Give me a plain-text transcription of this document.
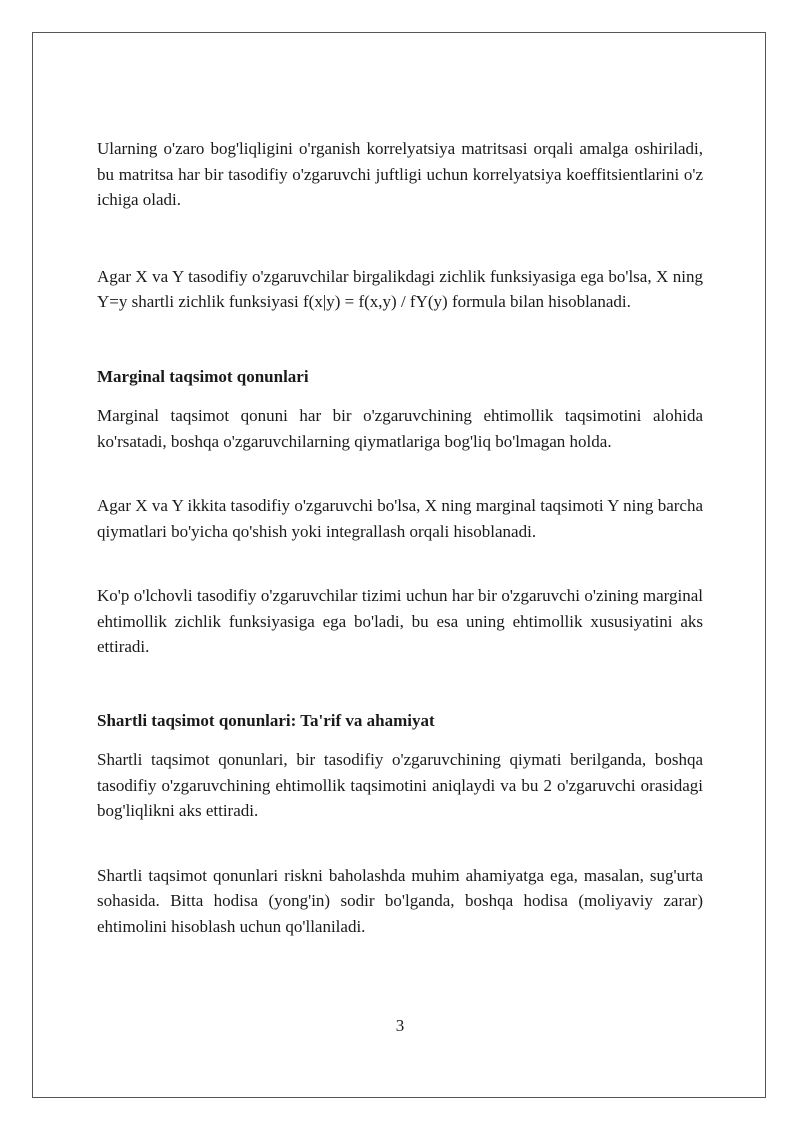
Ularning o'zaro bog'liqligini o'rganish korrelyatsiya matritsasi orqali amalga oshiriladi, bu matritsa har bir tasodifiy o'zgaruvchi juftligi uchun korrelyatsiya koeffitsientlarini o'z ichiga oladi.

Agar X va Y tasodifiy o'zgaruvchilar birgalikdagi zichlik funksiyasiga ega bo'lsa, X ning Y=y shartli zichlik funksiyasi f(x|y) = f(x,y) / fY(y) formula bilan hisoblanadi.

Marginal taqsimot qonunlari

Marginal taqsimot qonuni har bir o'zgaruvchining ehtimollik taqsimotini alohida ko'rsatadi, boshqa o'zgaruvchilarning qiymatlariga bog'liq bo'lmagan holda.

Agar X va Y ikkita tasodifiy o'zgaruvchi bo'lsa, X ning marginal taqsimoti Y ning barcha qiymatlari bo'yicha qo'shish yoki integrallash orqali hisoblanadi.

Ko'p o'lchovli tasodifiy o'zgaruvchilar tizimi uchun har bir o'zgaruvchi o'zining marginal ehtimollik zichlik funksiyasiga ega bo'ladi, bu esa uning ehtimollik xususiyatini aks ettiradi.

Shartli taqsimot qonunlari: Ta'rif va ahamiyat

Shartli taqsimot qonunlari, bir tasodifiy o'zgaruvchining qiymati berilganda, boshqa tasodifiy o'zgaruvchining ehtimollik taqsimotini aniqlaydi va bu 2 o'zgaruvchi orasidagi bog'liqlikni aks ettiradi.

Shartli taqsimot qonunlari riskni baholashda muhim ahamiyatga ega, masalan, sug'urta sohasida. Bitta hodisa (yong'in) sodir bo'lganda, boshqa hodisa (moliyaviy zarar) ehtimolini hisoblash uchun qo'llaniladi.

3
